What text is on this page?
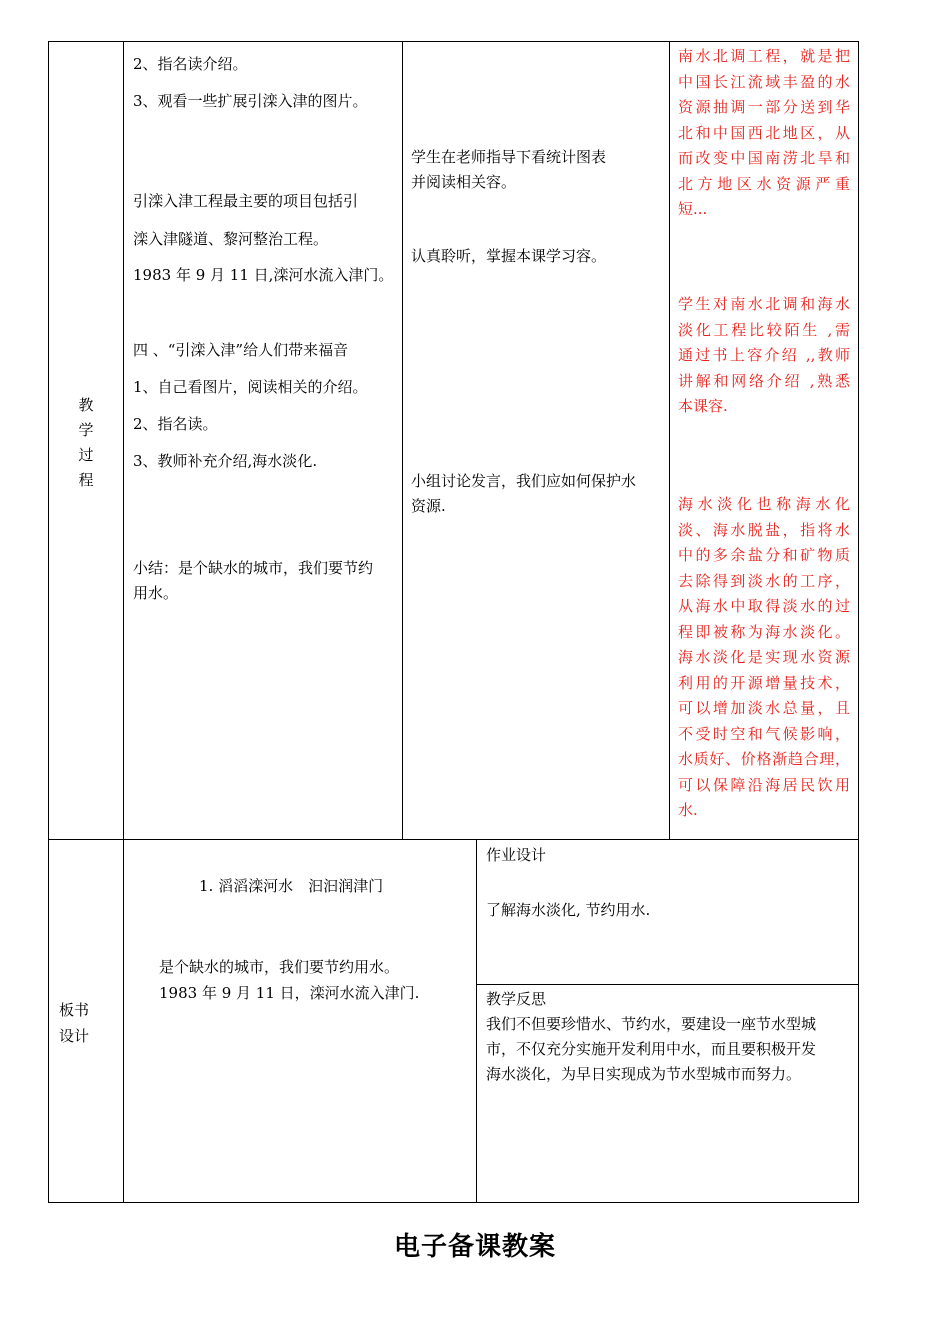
教
学
过
程
2、指名读介绍。
3、观看一些扩展引滦入津的图片。
引滦入津工程最主要的项目包括引
滦入津隧道、黎河整治工程。
1983 年 9 月 11 日,滦河水流入津门。
四 、“引滦入津”给人们带来福音
1、自己看图片，阅读相关的介绍。
2、指名读。
3、教师补充介绍,海水淡化.
小结：是个缺水的城市，我们要节约
用水。
学生在老师指导下看统计图表
并阅读相关容。
认真聆听，掌握本课学习容。
小组讨论发言，我们应如何保护水
资源.
南水北调工程，就是把
中国长江流域丰盈的水
资源抽调一部分送到华
北和中国西北地区，从
而改变中国南涝北旱和
北方地区水资源严重
短...
学生对南水北调和海水
淡化工程比较陌生 ,需
通过书上容介绍 ,,教师
讲解和网络介绍 ,熟悉
本课容.
海水淡化也称海水化
淡、海水脱盐，指将水
中的多余盐分和矿物质
去除得到淡水的工序，
从海水中取得淡水的过
程即被称为海水淡化。
海水淡化是实现水资源
利用的开源增量技术，
可以增加淡水总量，且
不受时空和气候影响，
水质好、价格渐趋合理，
可以保障沿海居民饮用
水.
板书
设计
1. 滔滔滦河水　汩汩润津门
是个缺水的城市，我们要节约用水。
1983 年 9 月 11 日，滦河水流入津门.
作业设计
了解海水淡化, 节约用水.
教学反思
我们不但要珍惜水、节约水，要建设一座节水型城
市，不仅充分实施开发利用中水，而且要积极开发
海水淡化，为早日实现成为节水型城市而努力。
电子备课教案
